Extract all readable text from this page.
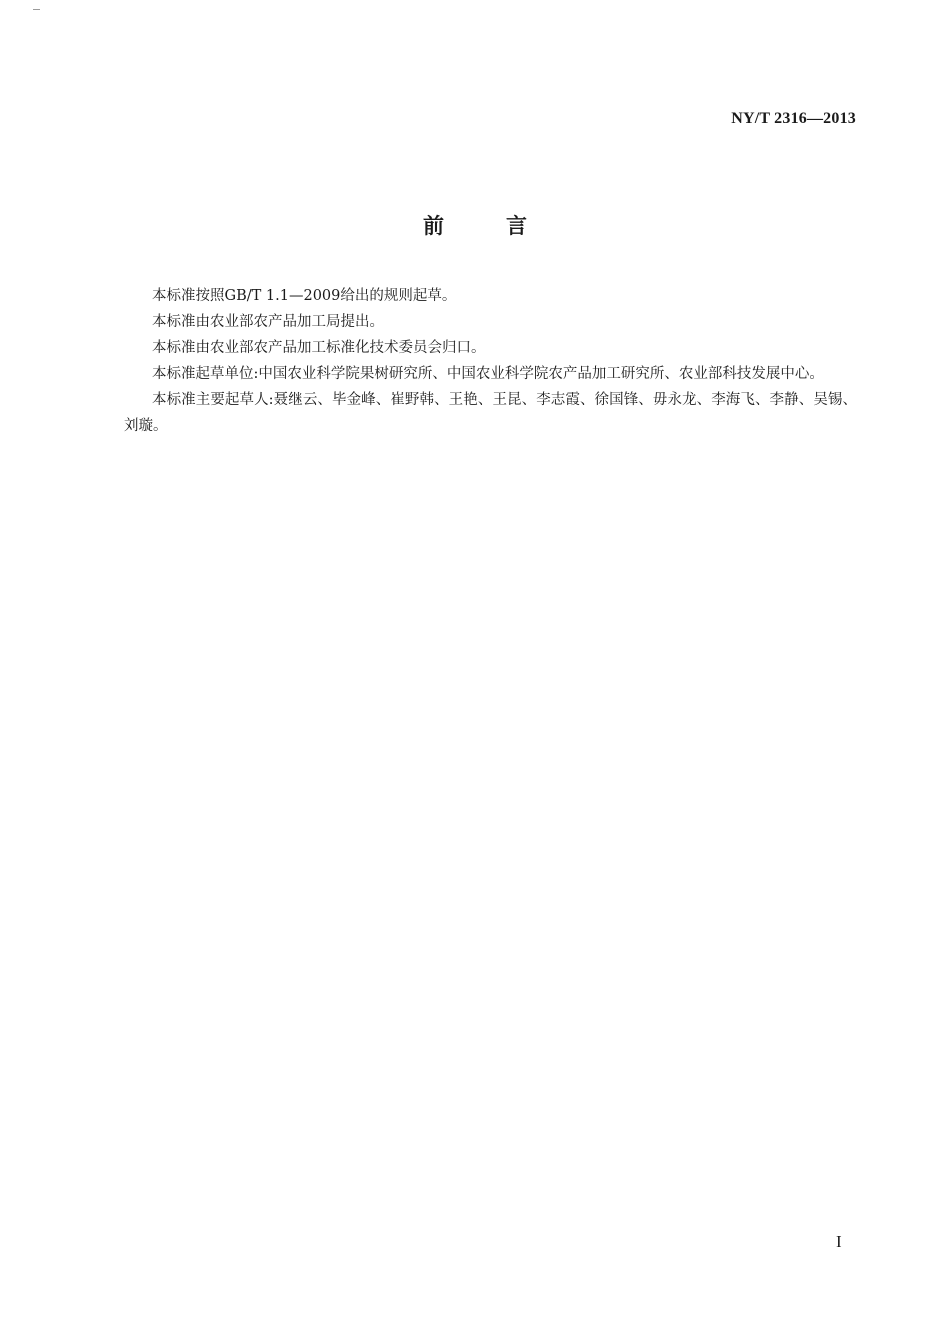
NY/T 2316—2013
前言

本标准按照GB/T 1.1—2009给出的规则起草。

本标准由农业部农产品加工局提出。

本标准由农业部农产品加工标准化技术委员会归口。

本标准起草单位:中国农业科学院果树研究所、中国农业科学院农产品加工研究所、农业部科技发展中心。

本标准主要起草人:聂继云、毕金峰、崔野韩、王艳、王昆、李志霞、徐国锋、毋永龙、李海飞、李静、吴锡、刘璇。

I
